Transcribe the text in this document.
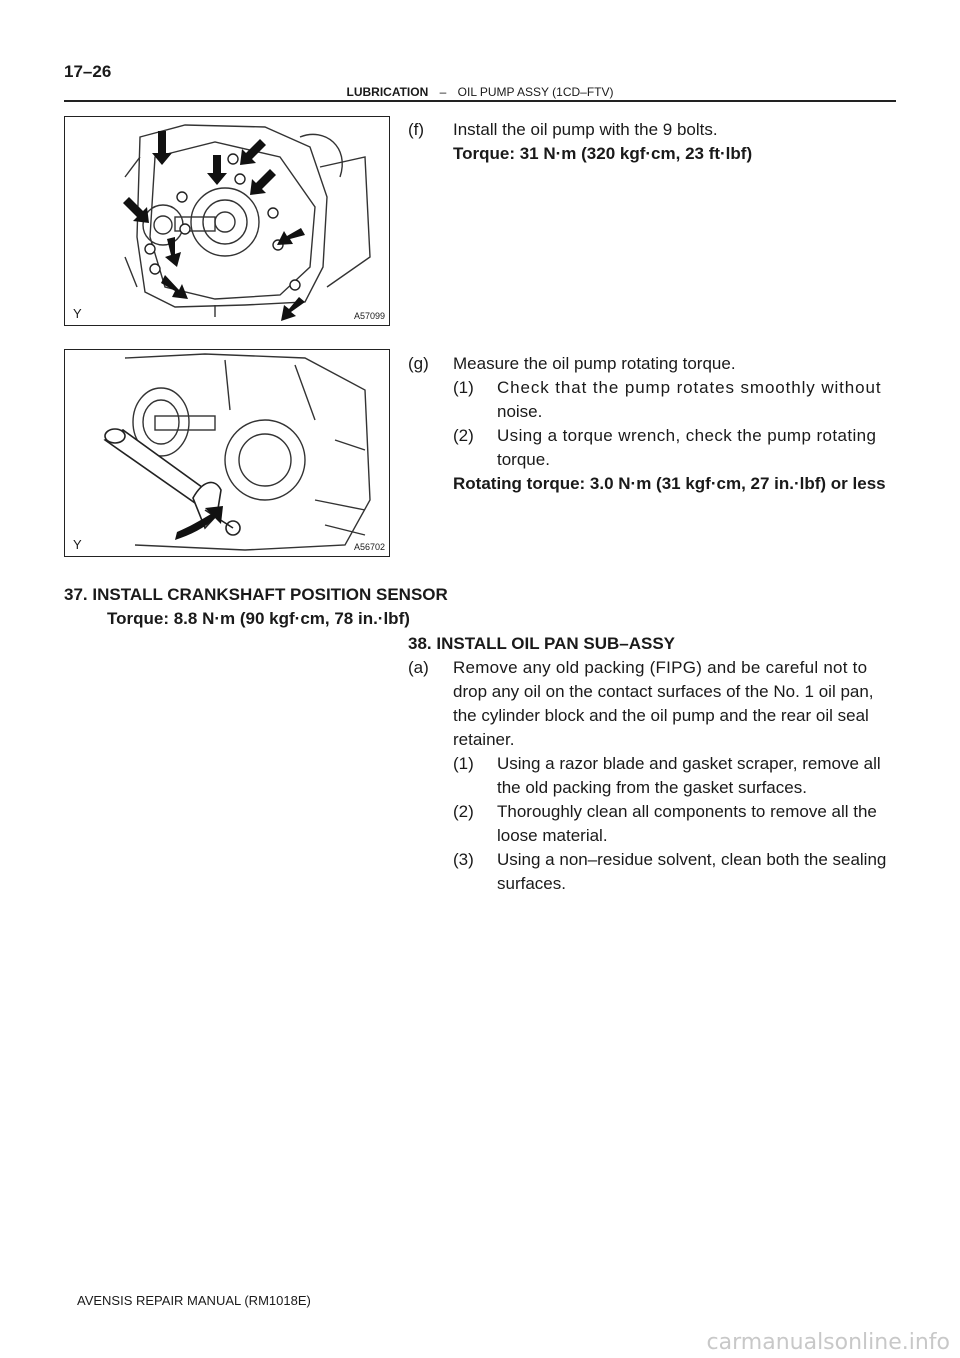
17–26
LUBRICATION – OIL PUMP ASSY (1CD–FTV)
Y	A57099
Y	A56702
(f) Install the oil pump with the 9 bolts.
Torque: 31 N·m (320 kgf·cm, 23 ft·lbf)
(g) Measure the oil pump rotating torque.
(1) Check that the pump rotates smoothly without
noise.
(2) Using a torque wrench, check the pump rotating
torque.
Rotating torque: 3.0 N·m (31 kgf·cm, 27 in.·lbf) or less
37. INSTALL CRANKSHAFT POSITION SENSOR
Torque: 8.8 N·m (90 kgf·cm, 78 in.·lbf)
38. INSTALL OIL PAN SUB–ASSY
(a) Remove any old packing (FIPG) and be careful not to
drop any oil on the contact surfaces of the No. 1 oil pan,
the cylinder block and the oil pump and the rear oil seal
retainer.
(1) Using a razor blade and gasket scraper, remove all
the old packing from the gasket surfaces.
(2) Thoroughly clean all components to remove all the
loose material.
(3) Using a non–residue solvent, clean both the sealing
surfaces.
AVENSIS REPAIR MANUAL (RM1018E)
carmanualsonline.info
